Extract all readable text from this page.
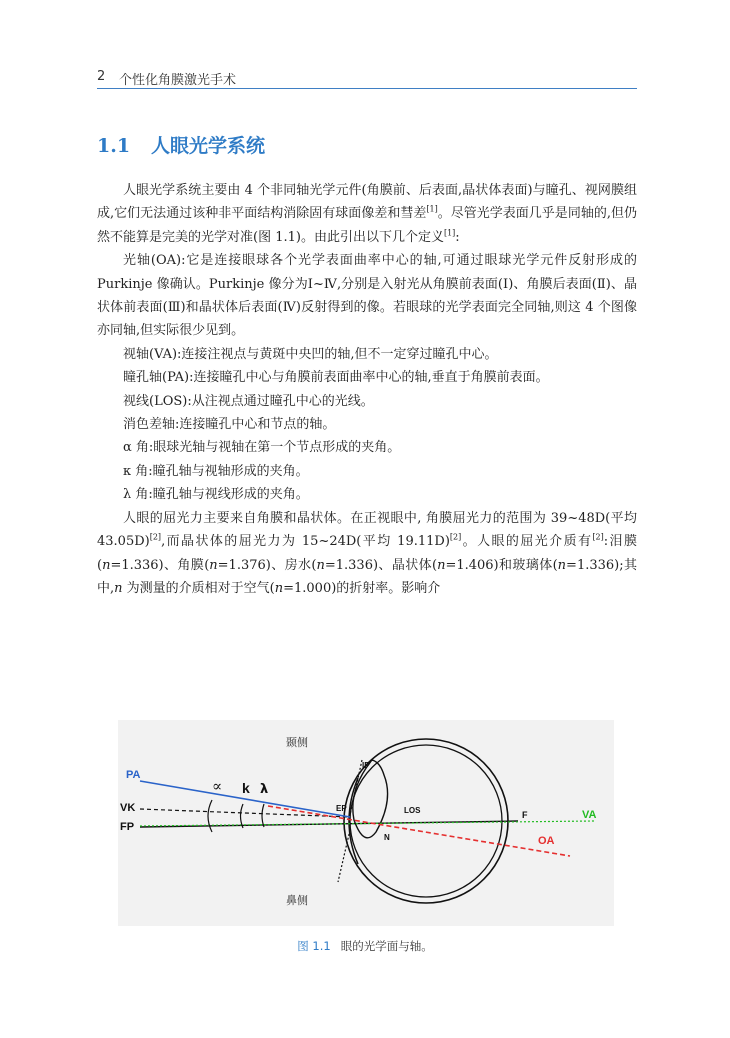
2 个性化角膜激光手术
1.1 人眼光学系统

人眼光学系统主要由 4 个非同轴光学元件(角膜前、后表面,晶状体表面)与瞳孔、视网膜组成,它们无法通过该种非平面结构消除固有球面像差和彗差[1]。尽管光学表面几乎是同轴的,但仍然不能算是完美的光学对准(图 1.1)。由此引出以下几个定义[1]:

光轴(OA):它是连接眼球各个光学表面曲率中心的轴,可通过眼球光学元件反射形成的 Purkinje 像确认。Purkinje 像分为Ⅰ~Ⅳ,分别是入射光从角膜前表面(Ⅰ)、角膜后表面(Ⅱ)、晶状体前表面(Ⅲ)和晶状体后表面(Ⅳ)反射得到的像。若眼球的光学表面完全同轴,则这 4 个图像亦同轴,但实际很少见到。

视轴(VA):连接注视点与黄斑中央凹的轴,但不一定穿过瞳孔中心。

瞳孔轴(PA):连接瞳孔中心与角膜前表面曲率中心的轴,垂直于角膜前表面。

视线(LOS):从注视点通过瞳孔中心的光线。

消色差轴:连接瞳孔中心和节点的轴。

α 角:眼球光轴与视轴在第一个节点形成的夹角。

κ 角:瞳孔轴与视轴形成的夹角。

λ 角:瞳孔轴与视线形成的夹角。

人眼的屈光力主要来自角膜和晶状体。在正视眼中, 角膜屈光力的范围为 39~48D(平均 43.05D)[2],而晶状体的屈光力为 15~24D(平均 19.11D)[2]。人眼的屈光介质有[2]:泪膜(n=1.336)、角膜(n=1.376)、房水(n=1.336)、晶状体(n=1.406)和玻璃体(n=1.336);其中,n 为测量的介质相对于空气(n=1.000)的折射率。影响介

颞侧
鼻侧
PA
VK
FP
∝ k λ
IP
EP
N
LOS	F	VA
OA
图 1.1 眼的光学面与轴。
